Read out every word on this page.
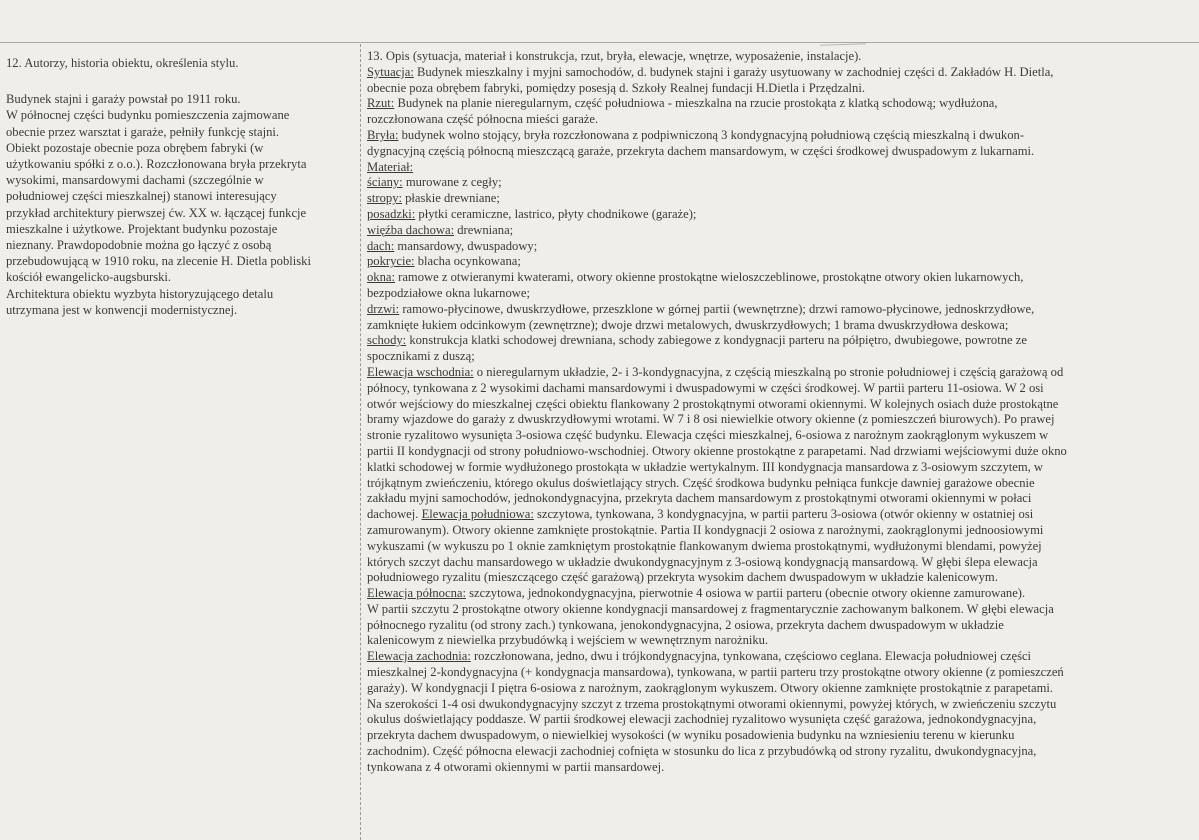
12. Autorzy, historia obiektu, określenia stylu.

Budynek stajni i garaży powstał po 1911 roku.

W północnej części budynku pomieszczenia zajmowane

obecnie przez warsztat i garaże, pełniły funkcję stajni.

Obiekt pozostaje obecnie poza obrębem fabryki (w

użytkowaniu spółki z o.o.). Rozczłonowana bryła przekryta

wysokimi, mansardowymi dachami (szczególnie w

południowej części mieszkalnej) stanowi interesujący

przykład architektury pierwszej ćw. XX w. łączącej funkcje

mieszkalne i użytkowe. Projektant budynku pozostaje

nieznany. Prawdopodobnie można go łączyć z osobą

przebudowującą w 1910 roku, na zlecenie H. Dietla pobliski

kościół ewangelicko-augsburski.

Architektura obiektu wyzbyta historyzującego detalu

utrzymana jest w konwencji modernistycznej.

13. Opis (sytuacja, materiał i konstrukcja, rzut, bryła, elewacje, wnętrze, wyposażenie, instalacje).
Sytuacja: Budynek mieszkalny i myjni samochodów, d. budynek stajni i garaży usytuowany w zachodniej części d. Zakładów H. Dietla,
obecnie poza obrębem fabryki, pomiędzy posesją d. Szkoły Realnej fundacji H.Dietla i Przędzalni.
Rzut: Budynek na planie nieregularnym, część południowa - mieszkalna na rzucie prostokąta z klatką schodową; wydłużona,
rozczłonowana część północna mieści garaże.
Bryła: budynek wolno stojący, bryła rozczłonowana z podpiwniczoną 3 kondygnacyjną południową częścią mieszkalną i dwukon-
dygnacyjną częścią północną mieszczącą garaże, przekryta dachem mansardowym, w części środkowej dwuspadowym z lukarnami.
Materiał:
ściany: murowane z cegły;
stropy: płaskie drewniane;
posadzki: płytki ceramiczne, lastrico, płyty chodnikowe (garaże);
więźba dachowa: drewniana;
dach: mansardowy, dwuspadowy;
pokrycie: blacha ocynkowana;
okna: ramowe z otwieranymi kwaterami, otwory okienne prostokątne wieloszczeblinowe, prostokątne otwory okien lukarnowych,
bezpodziałowe okna lukarnowe;
drzwi: ramowo-płycinowe, dwuskrzydłowe, przeszklone w górnej partii (wewnętrzne); drzwi ramowo-płycinowe, jednoskrzydłowe,
zamknięte łukiem odcinkowym (zewnętrzne); dwoje drzwi metalowych, dwuskrzydłowych; 1 brama dwuskrzydłowa deskowa;
schody: konstrukcja klatki schodowej drewniana, schody zabiegowe z kondygnacji parteru na półpiętro, dwubiegowe, powrotne ze
spocznikami z duszą;
Elewacja wschodnia: o nieregularnym układzie, 2- i 3-kondygnacyjna, z częścią mieszkalną po stronie południowej i częścią garażową od
północy, tynkowana z 2 wysokimi dachami mansardowymi i dwuspadowymi w części środkowej. W partii parteru 11-osiowa. W 2 osi
otwór wejściowy do mieszkalnej części obiektu flankowany 2 prostokątnymi otworami okiennymi. W kolejnych osiach duże prostokątne
bramy wjazdowe do garaży z dwuskrzydłowymi wrotami. W 7 i 8 osi niewielkie otwory okienne (z pomieszczeń biurowych). Po prawej
stronie ryzalitowo wysunięta 3-osiowa część budynku. Elewacja części mieszkalnej, 6-osiowa z narożnym zaokrąglonym wykuszem w
partii II kondygnacji od strony południowo-wschodniej. Otwory okienne prostokątne z parapetami. Nad drzwiami wejściowymi duże okno
klatki schodowej w formie wydłużonego prostokąta w układzie wertykalnym. III kondygnacja mansardowa z 3-osiowym szczytem, w
trójkątnym zwieńczeniu, którego okulus doświetlający strych. Część środkowa budynku pełniąca funkcje dawniej garażowe obecnie
zakładu myjni samochodów, jednokondygnacyjna, przekryta dachem mansardowym z prostokątnymi otworami okiennymi w połaci
dachowej. Elewacja południowa: szczytowa, tynkowana, 3 kondygnacyjna, w partii parteru 3-osiowa (otwór okienny w ostatniej osi
zamurowanym). Otwory okienne zamknięte prostokątnie. Partia II kondygnacji 2 osiowa z narożnymi, zaokrąglonymi jednoosiowymi
wykuszami (w wykuszu po 1 oknie zamkniętym prostokątnie flankowanym dwiema prostokątnymi, wydłużonymi blendami, powyżej
których szczyt dachu mansardowego w układzie dwukondygnacyjnym z 3-osiową kondygnacją mansardową. W głębi ślepa elewacja
południowego ryzalitu (mieszczącego część garażową) przekryta wysokim dachem dwuspadowym w układzie kalenicowym.
Elewacja północna: szczytowa, jednokondygnacyjna, pierwotnie 4 osiowa w partii parteru (obecnie otwory okienne zamurowane).
W partii szczytu 2 prostokątne otwory okienne kondygnacji mansardowej z fragmentarycznie zachowanym balkonem. W głębi elewacja
północnego ryzalitu (od strony zach.) tynkowana, jenokondygnacyjna, 2 osiowa, przekryta dachem dwuspadowym w układzie
kalenicowym z niewielka przybudówką i wejściem w wewnętrznym narożniku.
Elewacja zachodnia: rozczłonowana, jedno, dwu i trójkondygnacyjna, tynkowana, częściowo ceglana. Elewacja południowej części
mieszkalnej 2-kondygnacyjna (+ kondygnacja mansardowa), tynkowana, w partii parteru trzy prostokątne otwory okienne (z pomieszczeń
garaży). W kondygnacji I piętra 6-osiowa z narożnym, zaokrąglonym wykuszem. Otwory okienne zamknięte prostokątnie z parapetami.
Na szerokości 1-4 osi dwukondygnacyjny szczyt z trzema prostokątnymi otworami okiennymi, powyżej których, w zwieńczeniu szczytu
okulus doświetlający poddasze. W partii środkowej elewacji zachodniej ryzalitowo wysunięta część garażowa, jednokondygnacyjna,
przekryta dachem dwuspadowym, o niewielkiej wysokości (w wyniku posadowienia budynku na wzniesieniu terenu w kierunku
zachodnim). Część północna elewacji zachodniej cofnięta w stosunku do lica z przybudówką od strony ryzalitu, dwukondygnacyjna,
tynkowana z 4 otworami okiennymi w partii mansardowej.
